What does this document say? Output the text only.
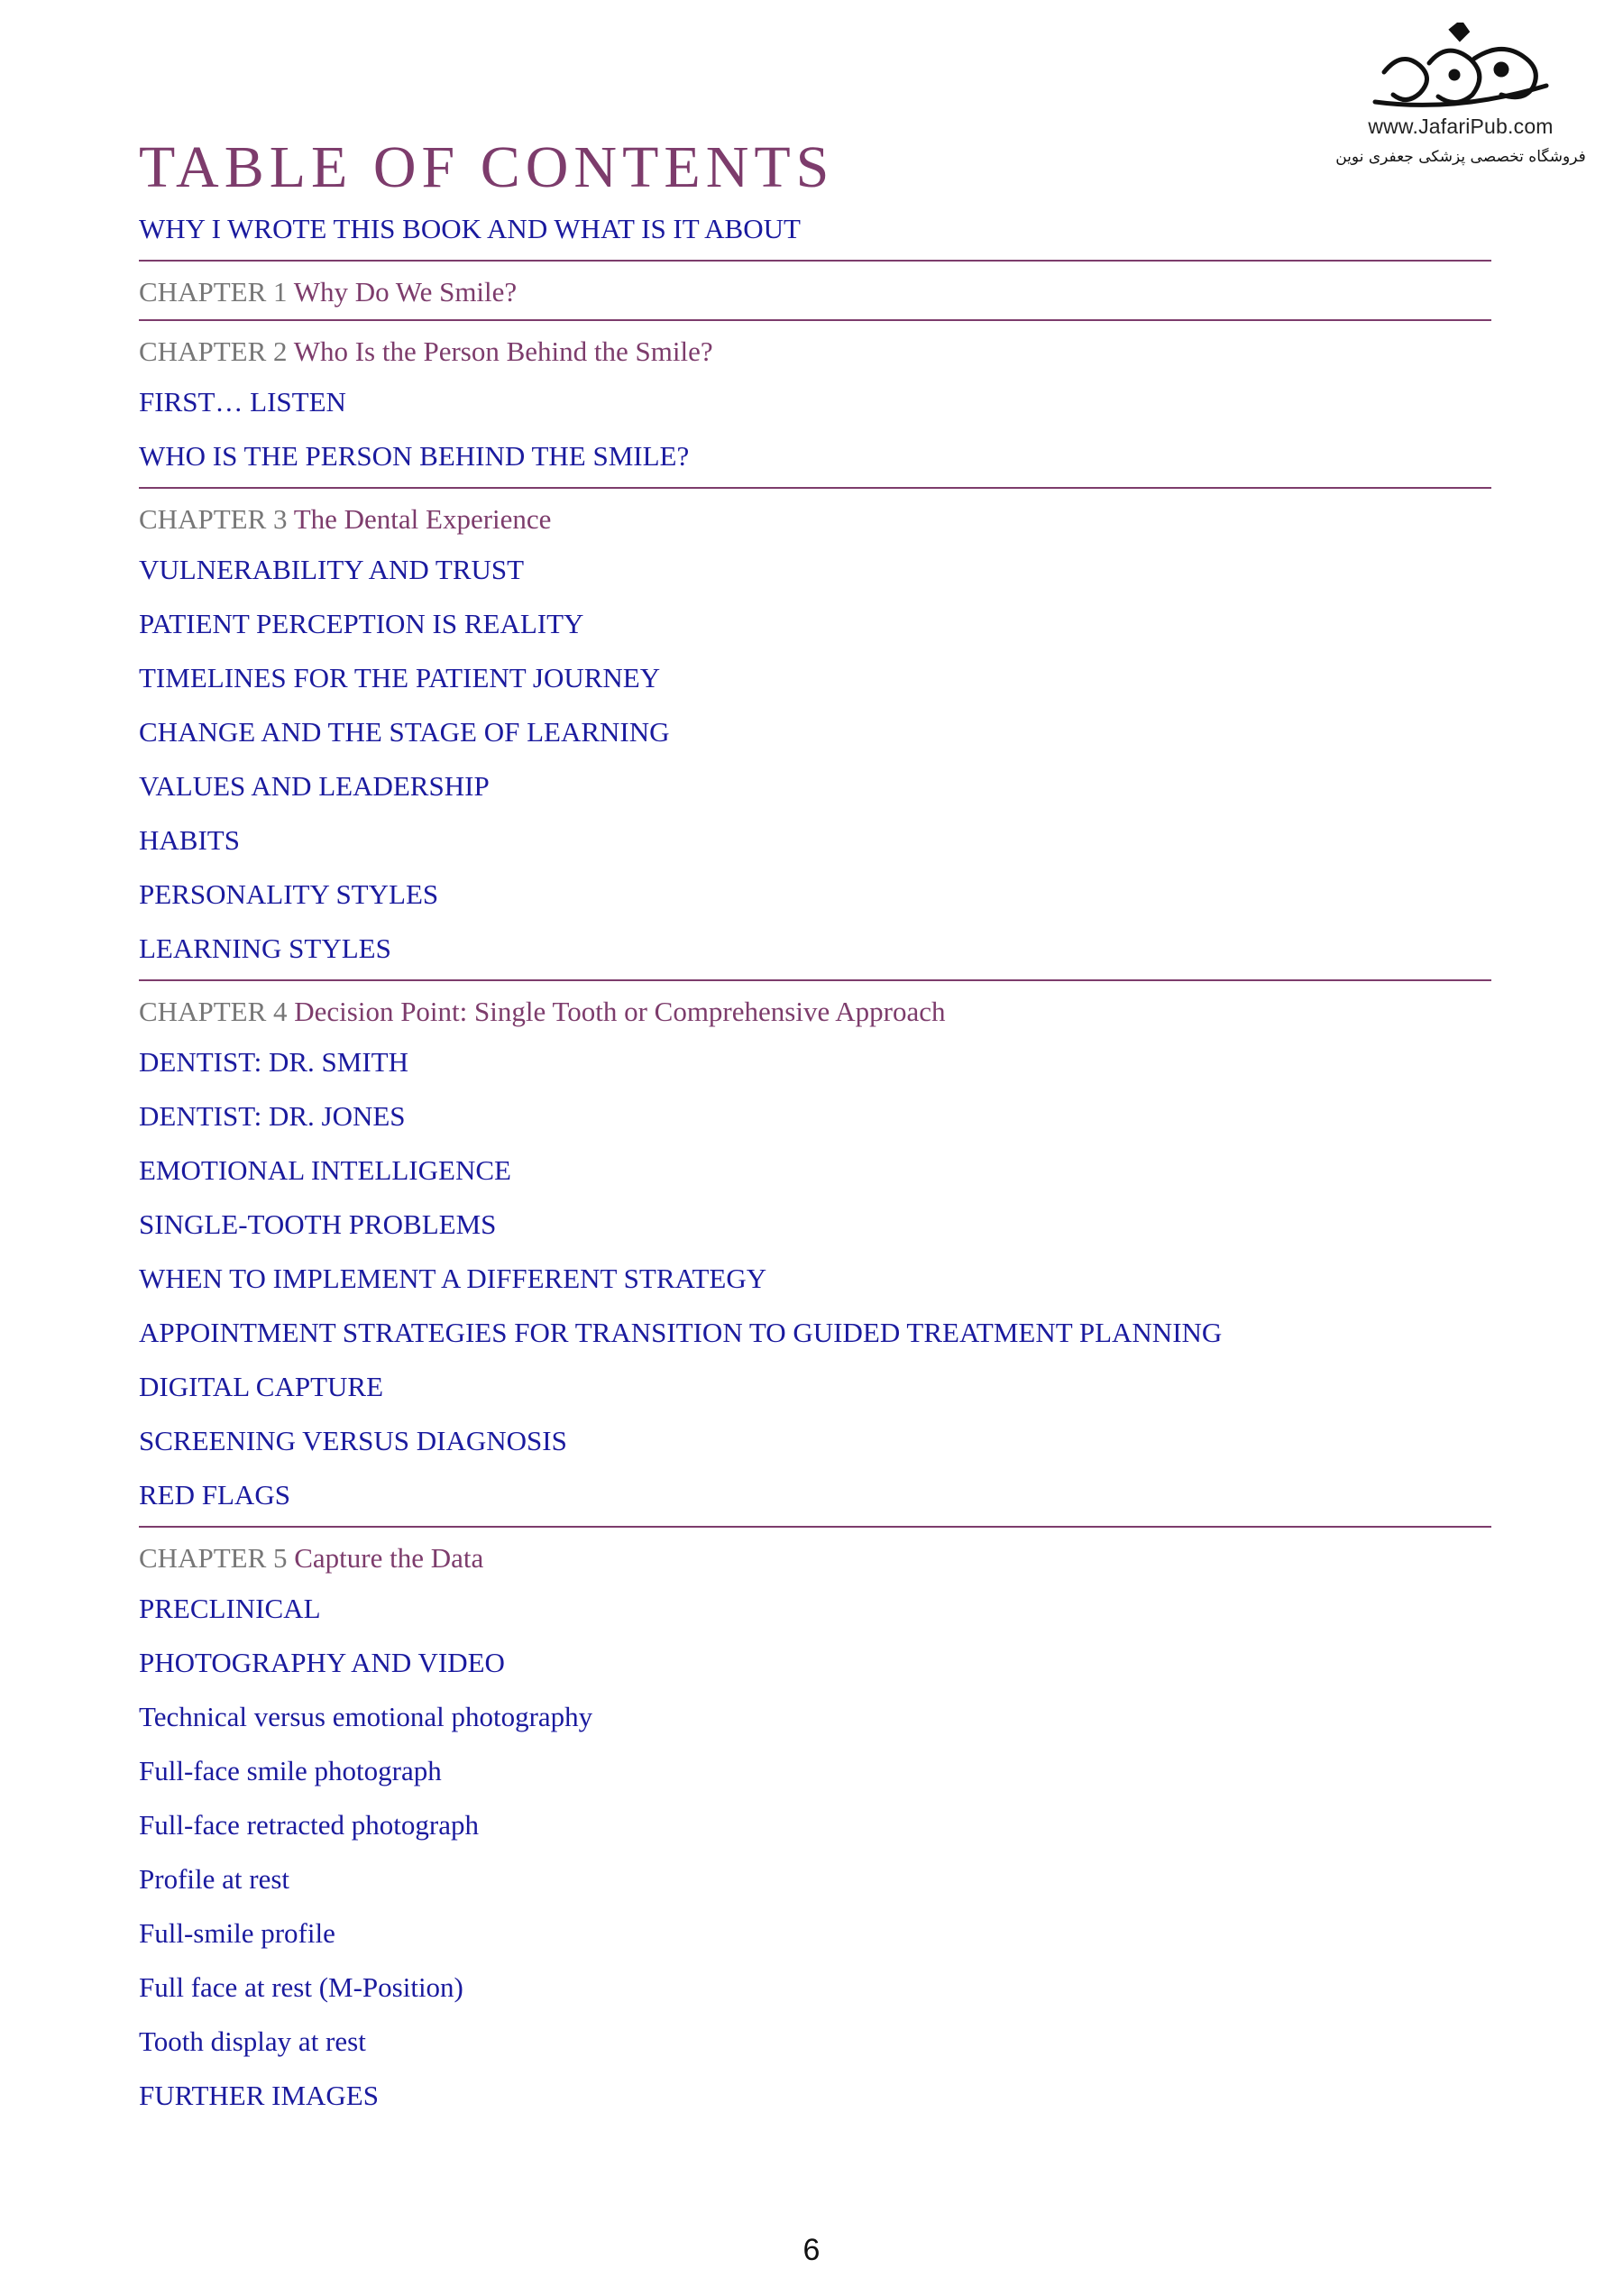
www.JafariPub.com
فروشگاه تخصصی پزشکی جعفری نوین
TABLE OF CONTENTS
WHY I WROTE THIS BOOK AND WHAT IS IT ABOUT
CHAPTER 1 Why Do We Smile?
CHAPTER 2 Who Is the Person Behind the Smile?
FIRST… LISTEN
WHO IS THE PERSON BEHIND THE SMILE?
CHAPTER 3 The Dental Experience
VULNERABILITY AND TRUST
PATIENT PERCEPTION IS REALITY
TIMELINES FOR THE PATIENT JOURNEY
CHANGE AND THE STAGE OF LEARNING
VALUES AND LEADERSHIP
HABITS
PERSONALITY STYLES
LEARNING STYLES
CHAPTER 4 Decision Point: Single Tooth or Comprehensive Approach
DENTIST: DR. SMITH
DENTIST: DR. JONES
EMOTIONAL INTELLIGENCE
SINGLE-TOOTH PROBLEMS
WHEN TO IMPLEMENT A DIFFERENT STRATEGY
APPOINTMENT STRATEGIES FOR TRANSITION TO GUIDED TREATMENT PLANNING
DIGITAL CAPTURE
SCREENING VERSUS DIAGNOSIS
RED FLAGS
CHAPTER 5 Capture the Data
PRECLINICAL
PHOTOGRAPHY AND VIDEO
Technical versus emotional photography
Full-face smile photograph
Full-face retracted photograph
Profile at rest
Full-smile profile
Full face at rest (M-Position)
Tooth display at rest
FURTHER IMAGES
6
